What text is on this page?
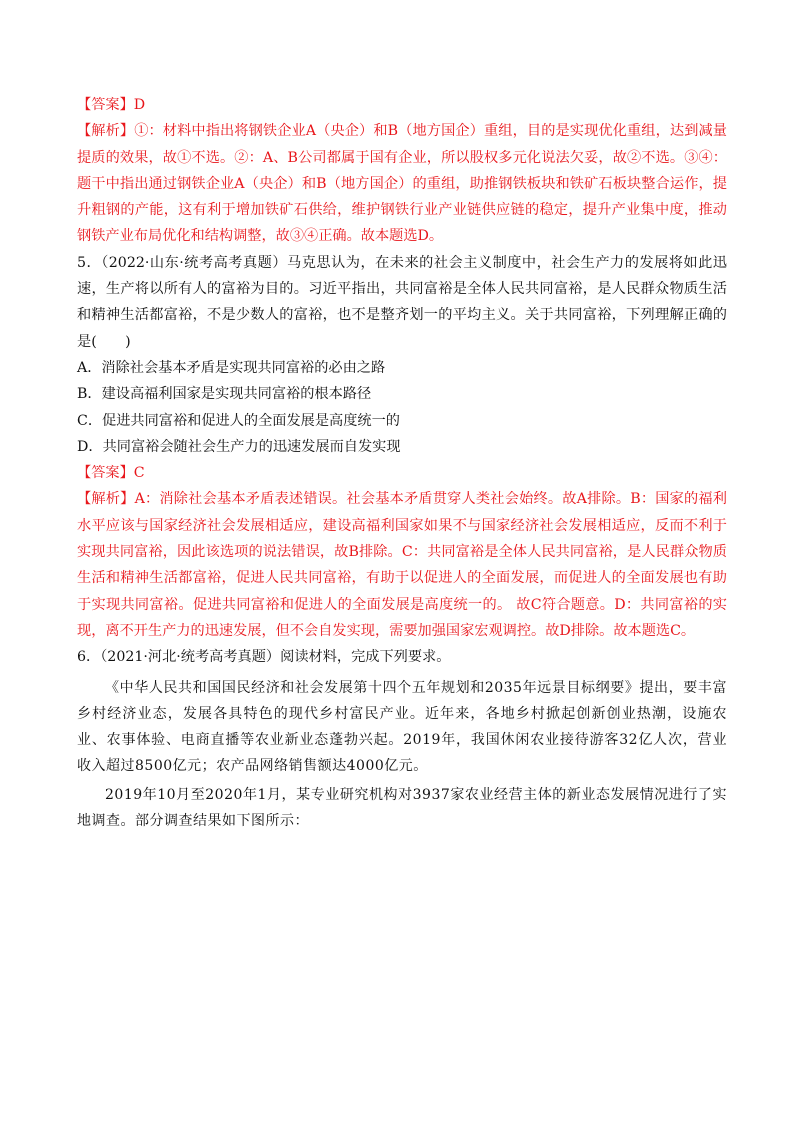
【答案】D

【解析】①：材料中指出将钢铁企业A（央企）和B（地方国企）重组，目的是实现优化重组，达到减量提质的效果，故①不选。②：A、B公司都属于国有企业，所以股权多元化说法欠妥，故②不选。③④：题干中指出通过钢铁企业A（央企）和B（地方国企）的重组，助推钢铁板块和铁矿石板块整合运作，提升粗钢的产能，这有利于增加铁矿石供给，维护钢铁行业产业链供应链的稳定，提升产业集中度，推动钢铁产业布局优化和结构调整，故③④正确。故本题选D。

5．（2022·山东·统考高考真题）马克思认为，在未来的社会主义制度中，社会生产力的发展将如此迅速，生产将以所有人的富裕为目的。习近平指出，共同富裕是全体人民共同富裕，是人民群众物质生活和精神生活都富裕，不是少数人的富裕，也不是整齐划一的平均主义。关于共同富裕，下列理解正确的是(　　)

A．消除社会基本矛盾是实现共同富裕的必由之路

B．建设高福利国家是实现共同富裕的根本路径

C．促进共同富裕和促进人的全面发展是高度统一的

D．共同富裕会随社会生产力的迅速发展而自发实现

【答案】C

【解析】A：消除社会基本矛盾表述错误。社会基本矛盾贯穿人类社会始终。故A排除。B：国家的福利水平应该与国家经济社会发展相适应，建设高福利国家如果不与国家经济社会发展相适应，反而不利于实现共同富裕，因此该选项的说法错误，故B排除。C：共同富裕是全体人民共同富裕，是人民群众物质生活和精神生活都富裕，促进人民共同富裕，有助于以促进人的全面发展，而促进人的全面发展也有助于实现共同富裕。促进共同富裕和促进人的全面发展是高度统一的。 故C符合题意。D：共同富裕的实现，离不开生产力的迅速发展，但不会自发实现，需要加强国家宏观调控。故D排除。故本题选C。

6．（2021·河北·统考高考真题）阅读材料，完成下列要求。

《中华人民共和国国民经济和社会发展第十四个五年规划和2035年远景目标纲要》提出，要丰富乡村经济业态，发展各具特色的现代乡村富民产业。近年来，各地乡村掀起创新创业热潮，设施农业、农事体验、电商直播等农业新业态蓬勃兴起。2019年，我国休闲农业接待游客32亿人次，营业收入超过8500亿元；农产品网络销售额达4000亿元。

2019年10月至2020年1月，某专业研究机构对3937家农业经营主体的新业态发展情况进行了实地调查。部分调查结果如下图所示：
